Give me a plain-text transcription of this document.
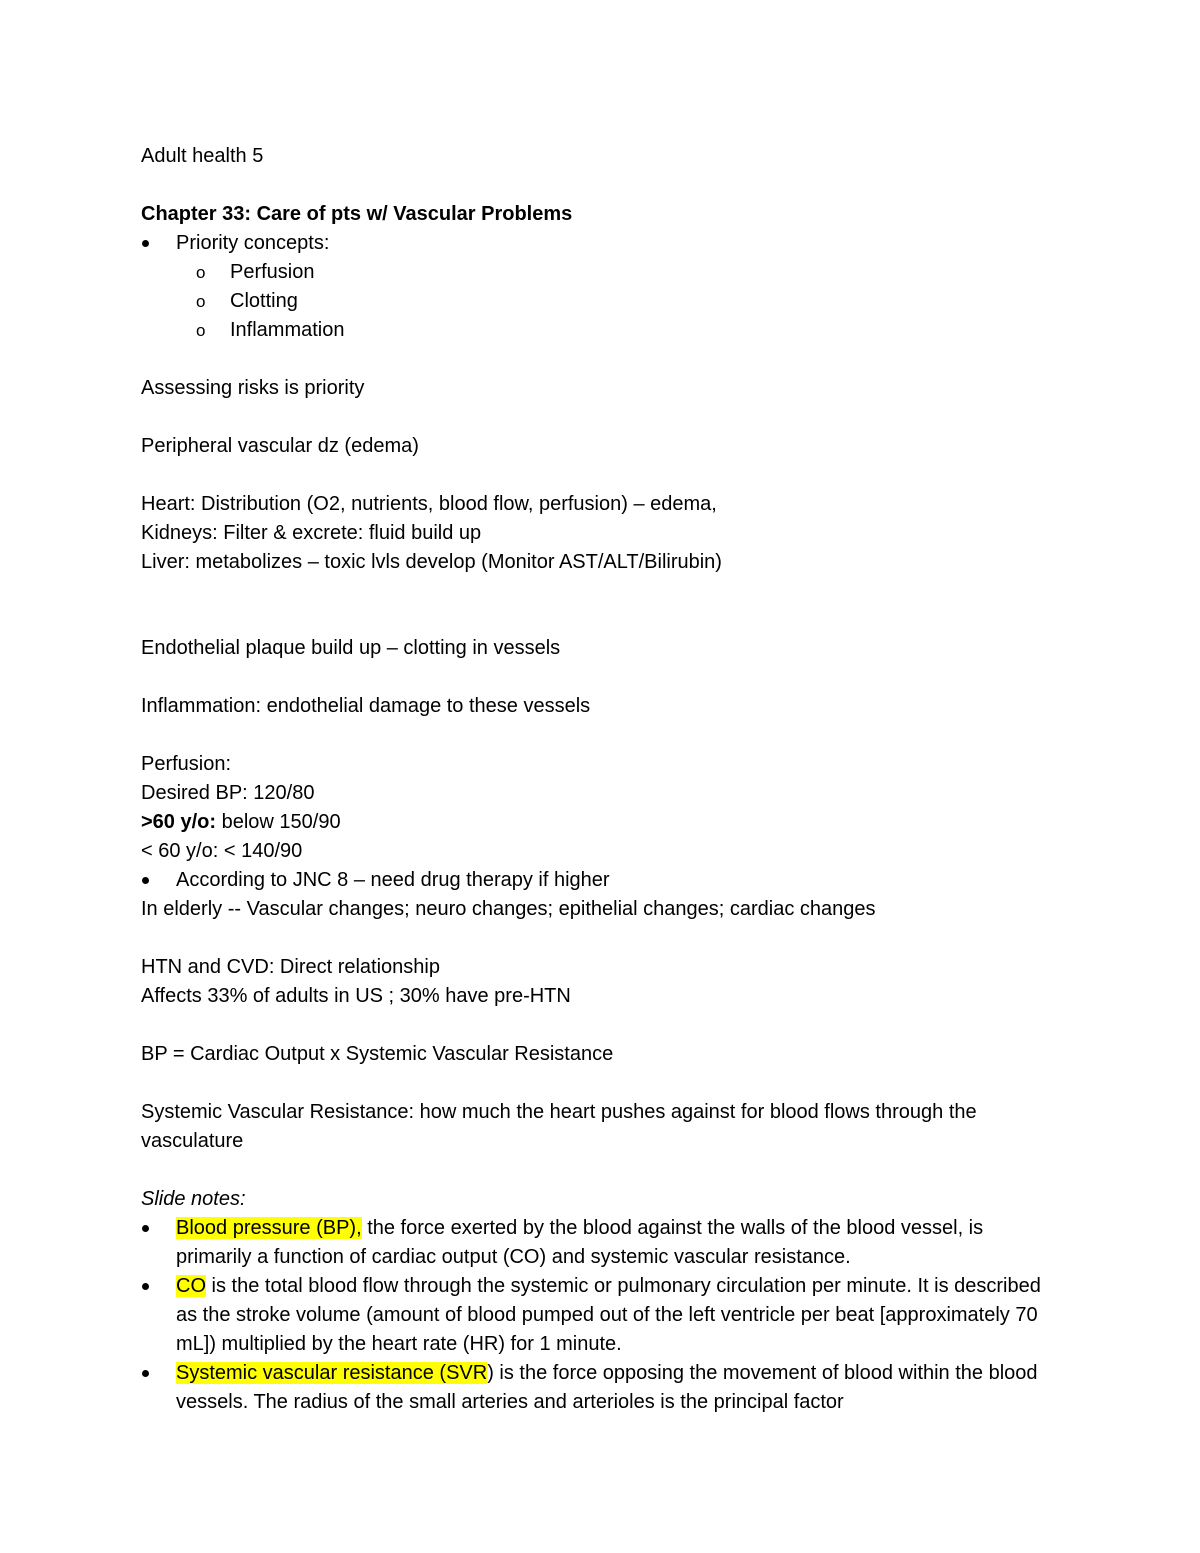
Adult health 5

Chapter 33: Care of pts w/ Vascular Problems

Priority concepts:

o Perfusion

o Clotting

o Inflammation

Assessing risks is priority

Peripheral vascular dz (edema)

Heart: Distribution (O2, nutrients, blood flow, perfusion) – edema,

Kidneys: Filter & excrete: fluid build up

Liver: metabolizes – toxic lvls develop (Monitor AST/ALT/Bilirubin)

Endothelial plaque build up – clotting in vessels

Inflammation: endothelial damage to these vessels

Perfusion:

Desired BP: 120/80

>60 y/o: below 150/90

< 60 y/o: < 140/90

According to JNC 8 – need drug therapy if higher

In elderly -- Vascular changes; neuro changes; epithelial changes; cardiac changes

HTN and CVD: Direct relationship

Affects 33% of adults in US ; 30% have pre-HTN

BP = Cardiac Output x Systemic Vascular Resistance

Systemic Vascular Resistance: how much the heart pushes against for blood flows through the vasculature

Slide notes:

Blood pressure (BP), the force exerted by the blood against the walls of the blood vessel, is primarily a function of cardiac output (CO) and systemic vascular resistance.

CO is the total blood flow through the systemic or pulmonary circulation per minute. It is described as the stroke volume (amount of blood pumped out of the left ventricle per beat [approximately 70 mL]) multiplied by the heart rate (HR) for 1 minute.

Systemic vascular resistance (SVR) is the force opposing the movement of blood within the blood vessels. The radius of the small arteries and arterioles is the principal factor
